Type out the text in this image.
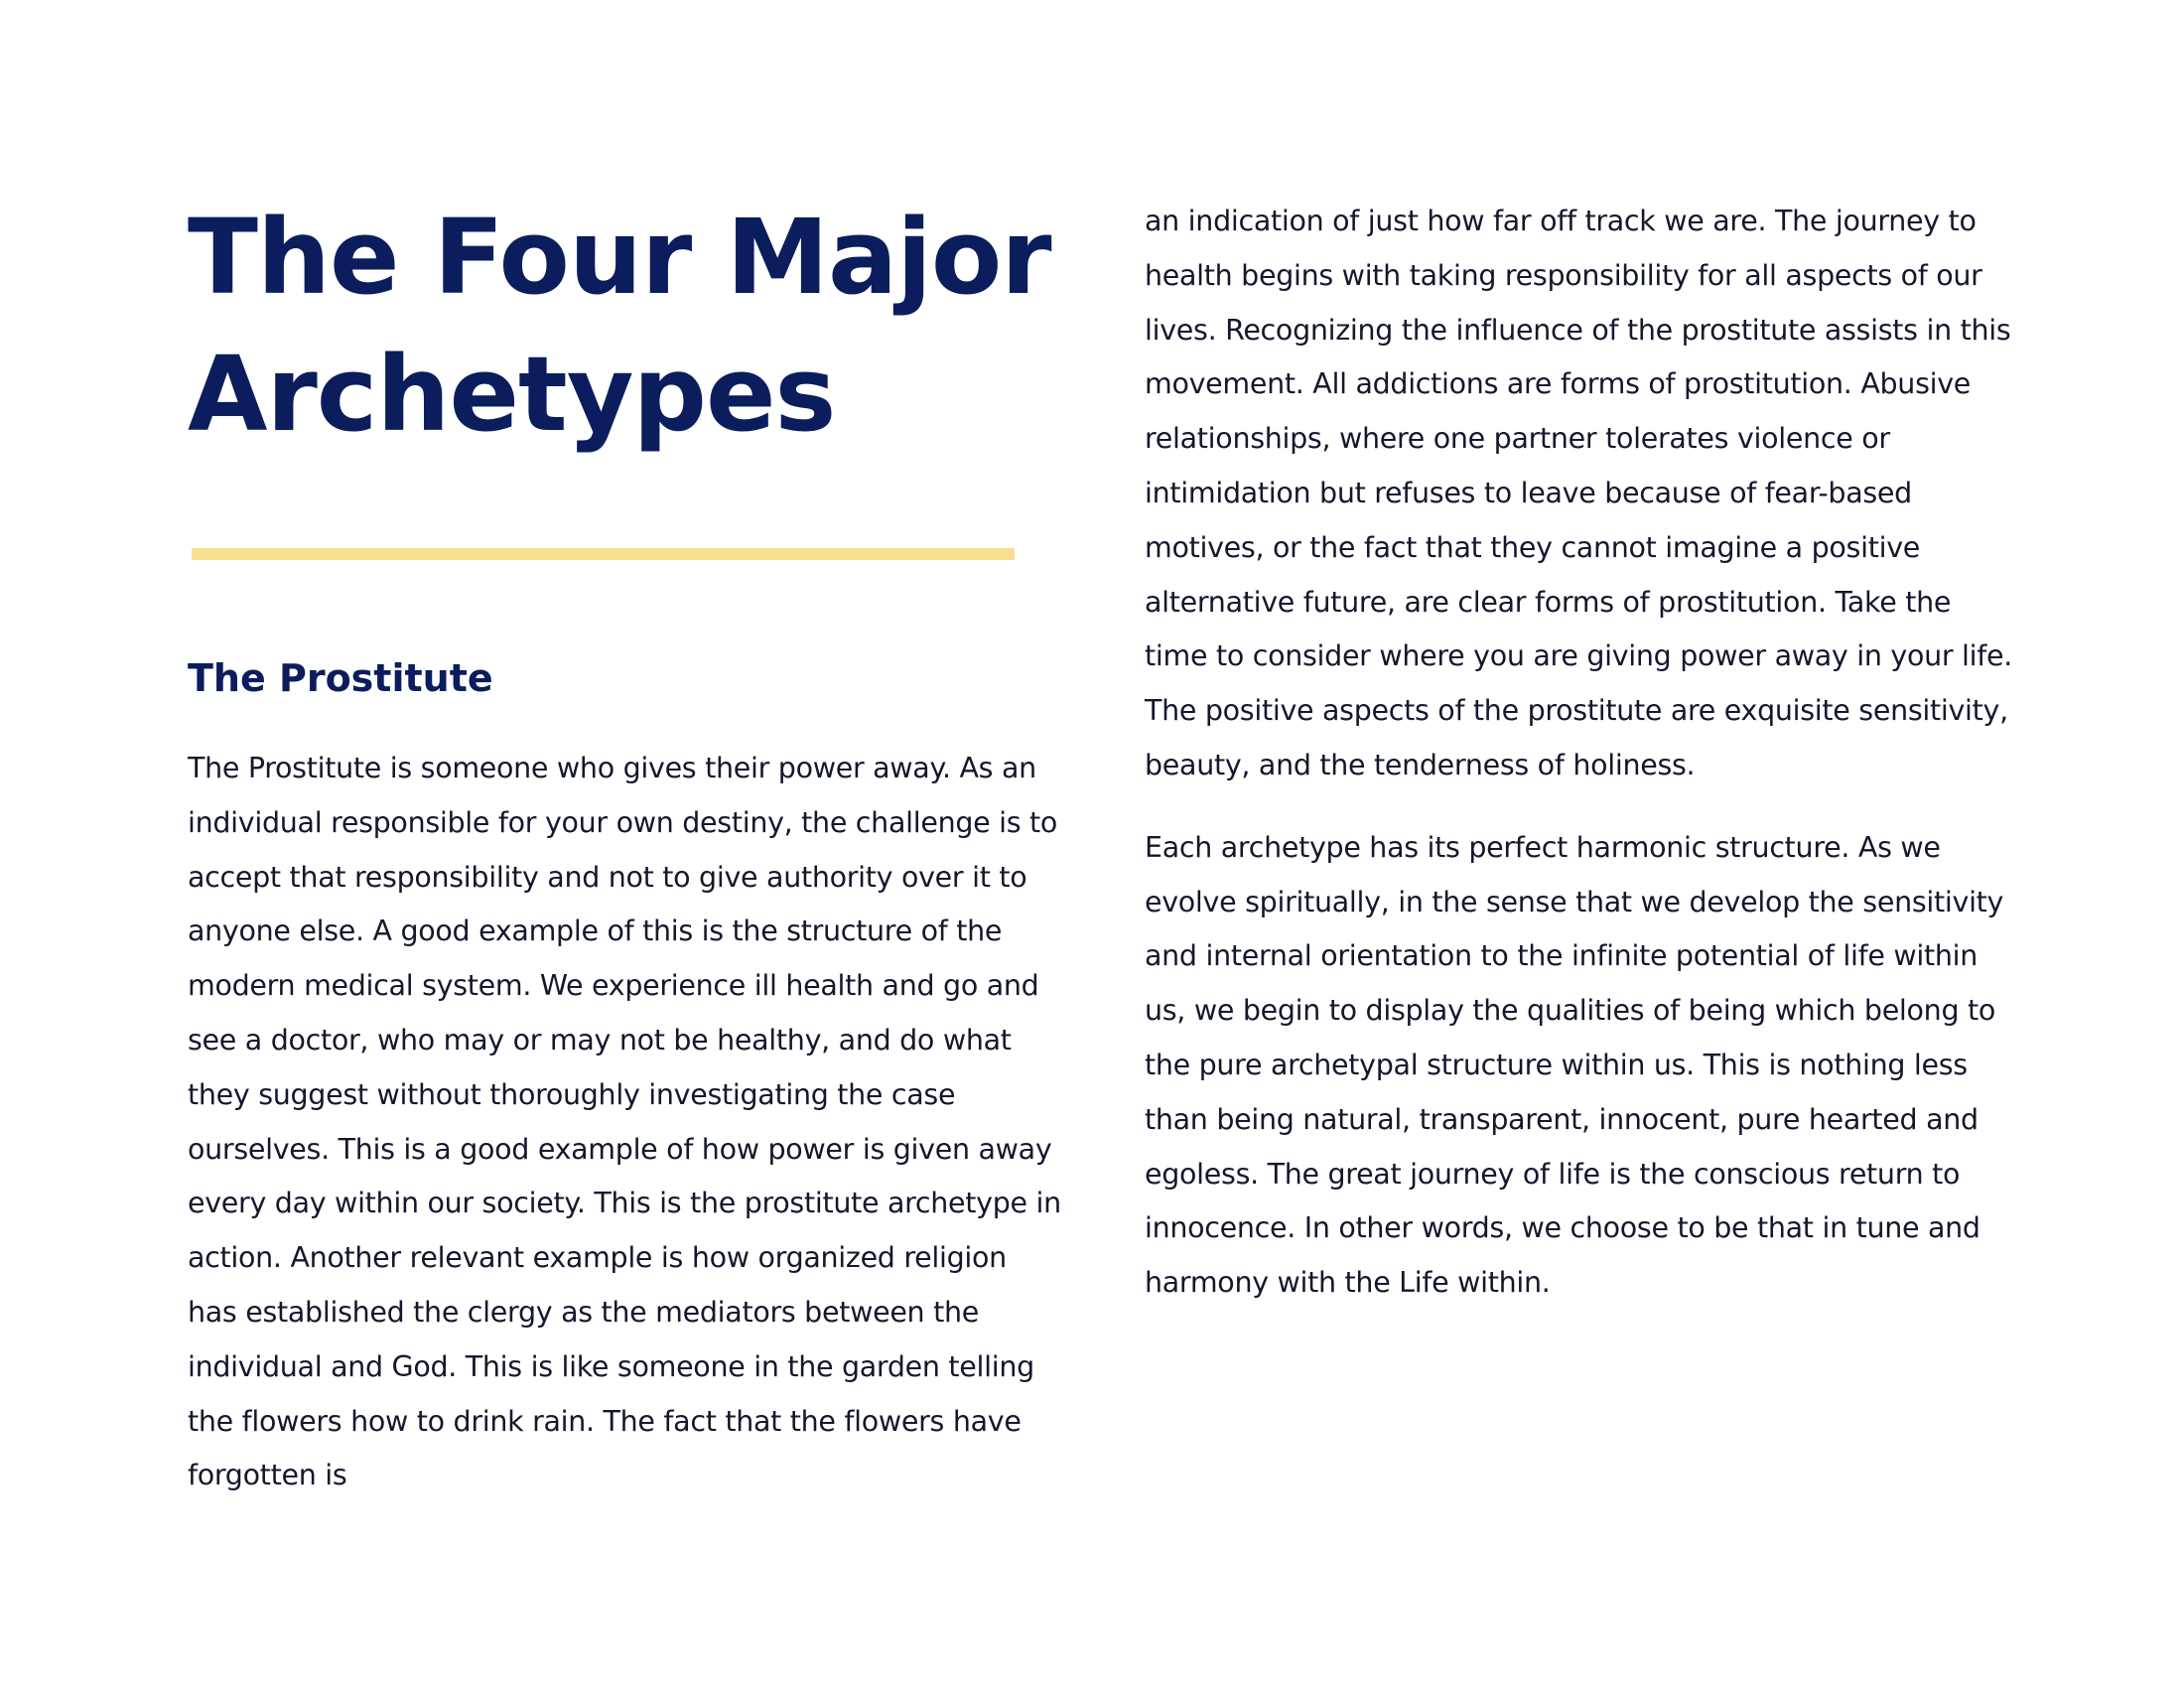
The Four Major
Archetypes
The Prostitute

The Prostitute is someone who gives their power away. As an individual responsible for your own destiny, the challenge is to accept that responsibility and not to give authority over it to anyone else. A good example of this is the structure of the modern medical system. We experience ill health and go and see a doctor, who may or may not be healthy, and do what they suggest without thoroughly investigating the case ourselves. This is a good example of how power is given away every day within our society. This is the prostitute archetype in action. Another relevant example is how organized religion has established the clergy as the mediators between the individual and God. This is like someone in the garden telling the flowers how to drink rain. The fact that the flowers have forgotten is

an indication of just how far off track we are. The journey to health begins with taking responsibility for all aspects of our lives. Recognizing the influence of the prostitute assists in this movement. All addictions are forms of prostitution. Abusive relationships, where one partner tolerates violence or intimidation but refuses to leave because of fear-based motives, or the fact that they cannot imagine a positive alternative future, are clear forms of prostitution. Take the time to consider where you are giving power away in your life. The positive aspects of the prostitute are exquisite sensitivity, beauty, and the tenderness of holiness.

Each archetype has its perfect harmonic structure. As we evolve spiritually, in the sense that we develop the sensitivity and internal orientation to the infinite potential of life within us, we begin to display the qualities of being which belong to the pure archetypal structure within us. This is nothing less than being natural, transparent, innocent, pure hearted and egoless. The great journey of life is the conscious return to innocence. In other words, we choose to be that in tune and harmony with the Life within.
